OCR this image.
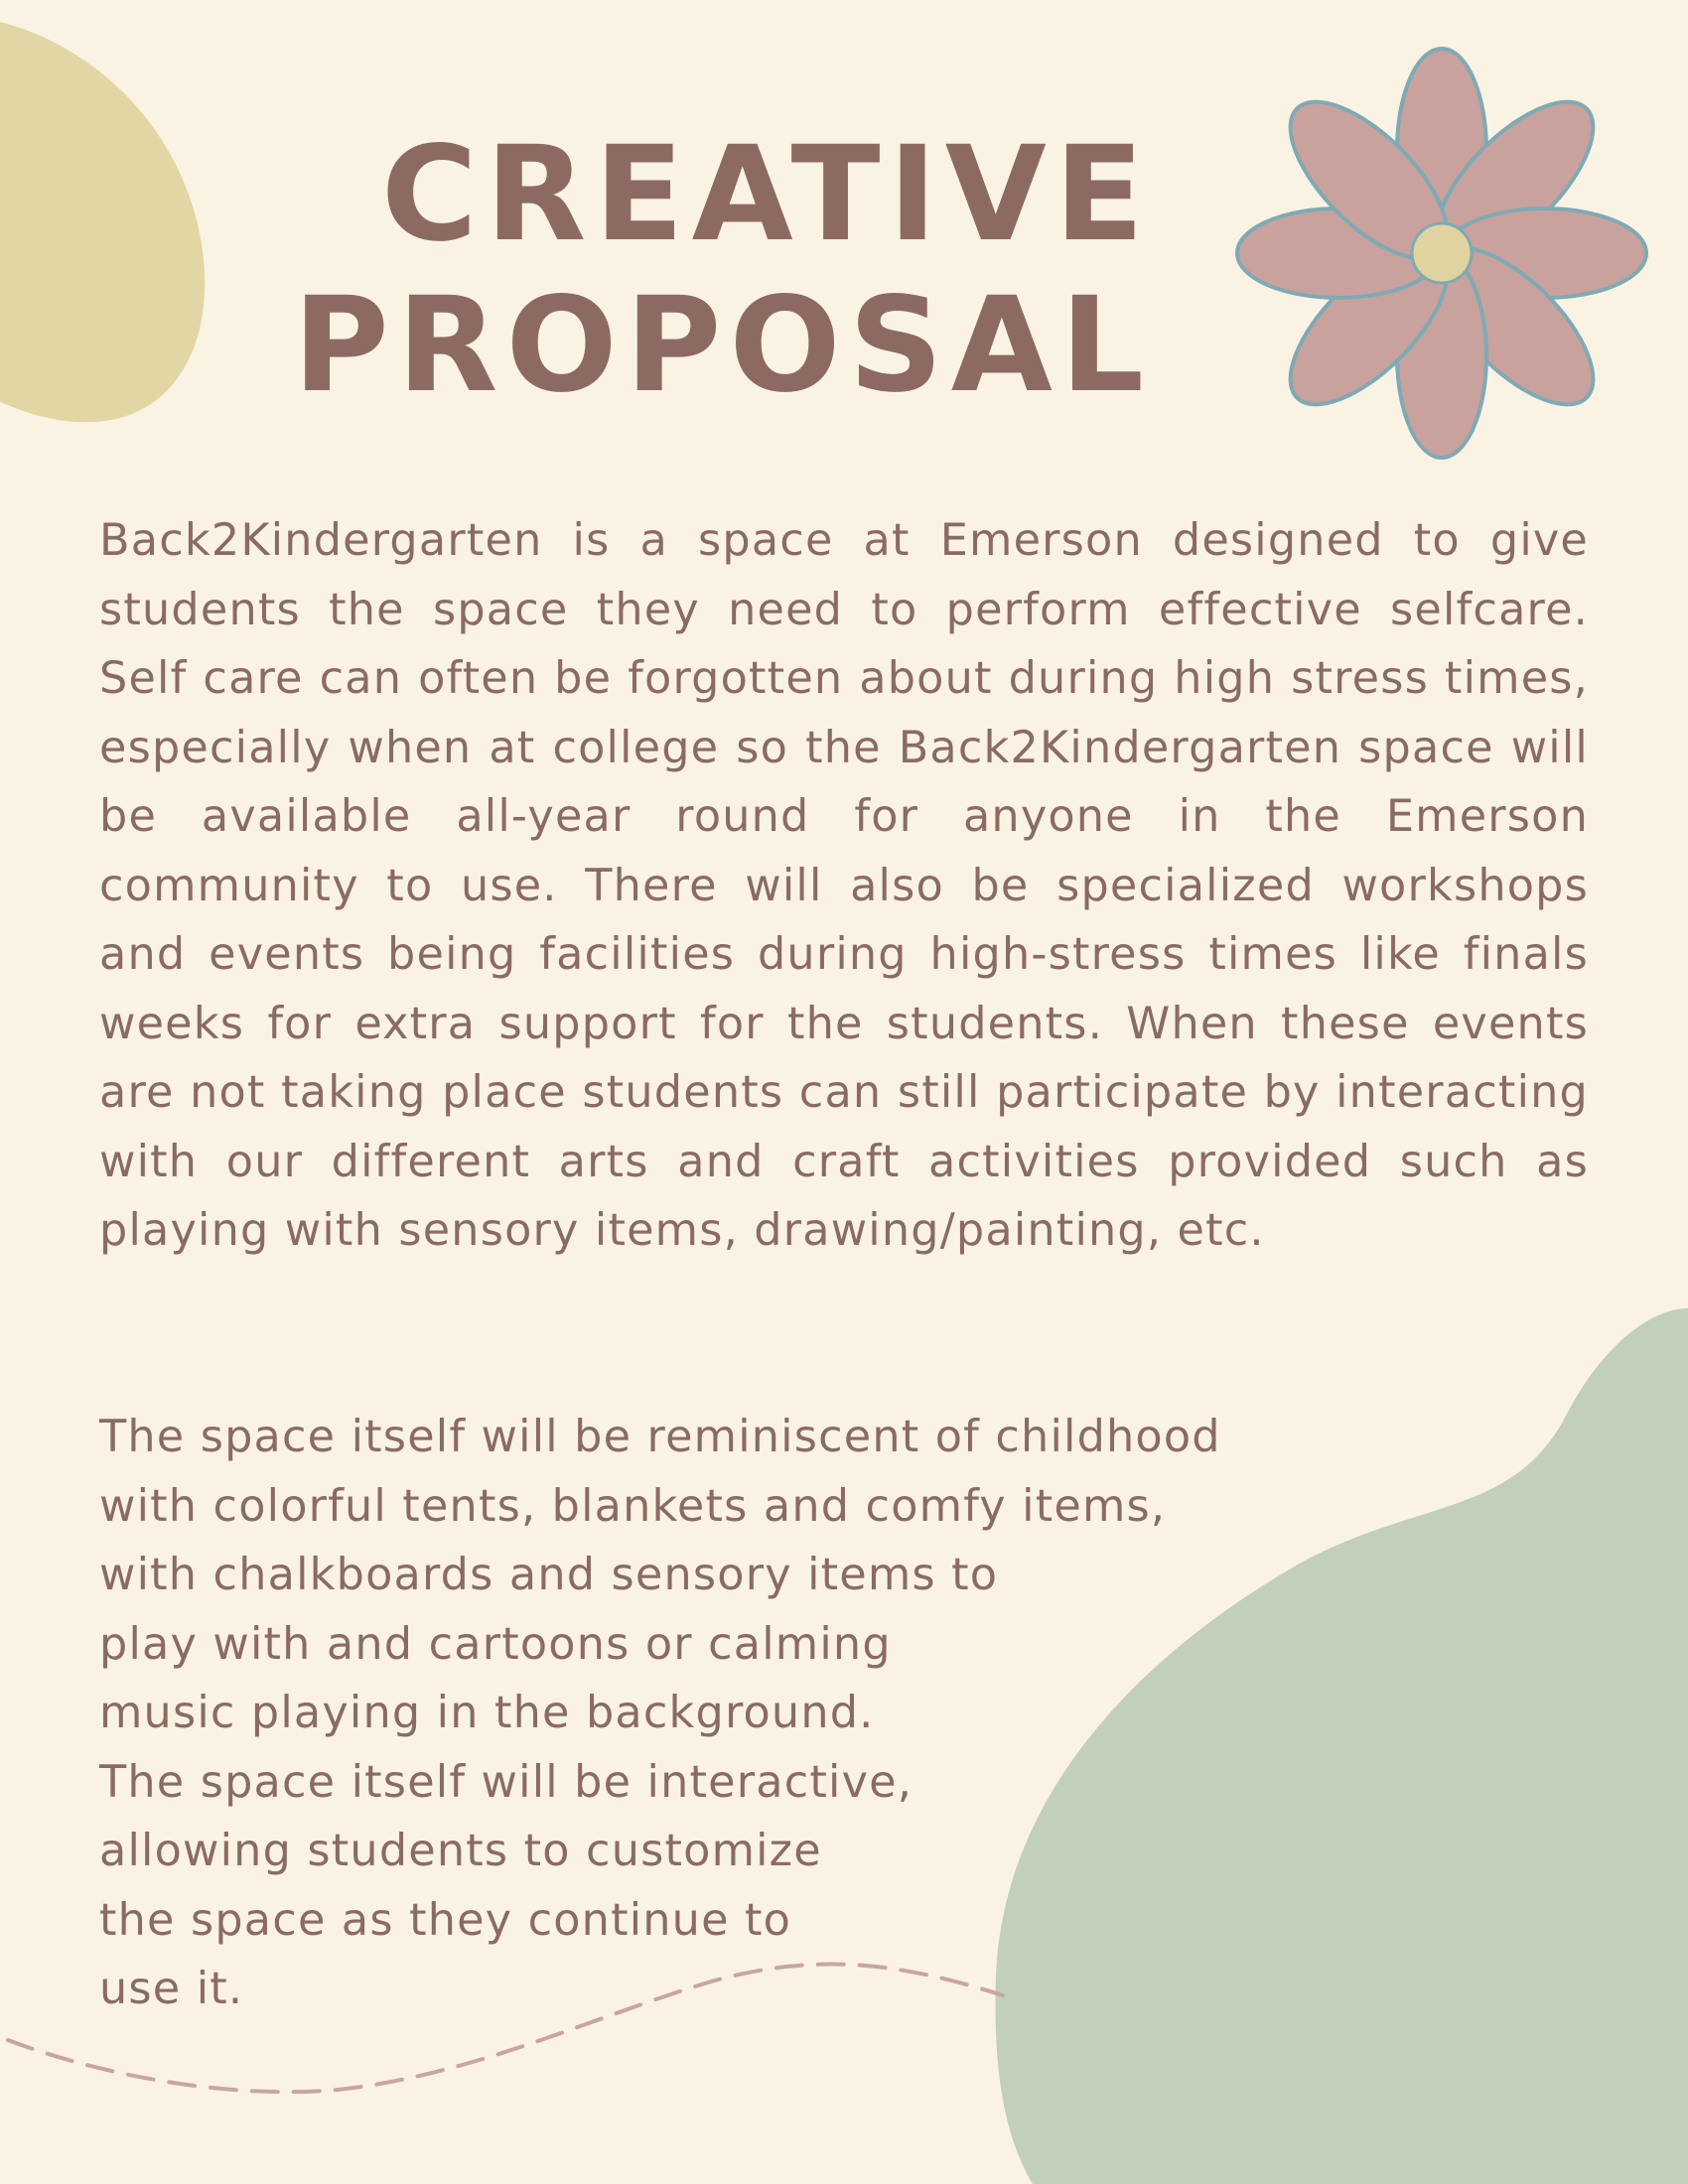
CREATIVE
PROPOSAL

Back2Kindergarten is a space at Emerson designed to give students the space they need to perform effective selfcare. Self care can often be forgotten about during high stress times, especially when at college so the Back2Kindergarten space will be available all-year round for anyone in the Emerson community to use. There will also be specialized workshops and events being facilities during high-stress times like finals weeks for extra support for the students. When these events are not taking place students can still participate by interacting with our different arts and craft activities provided such as playing with sensory items, drawing/painting, etc.

The space itself will be reminiscent of childhood
with colorful tents, blankets and comfy items,
with chalkboards and sensory items to
play with and cartoons or calming
music playing in the background.
The space itself will be interactive,
allowing students to customize
the space as they continue to
use it.
